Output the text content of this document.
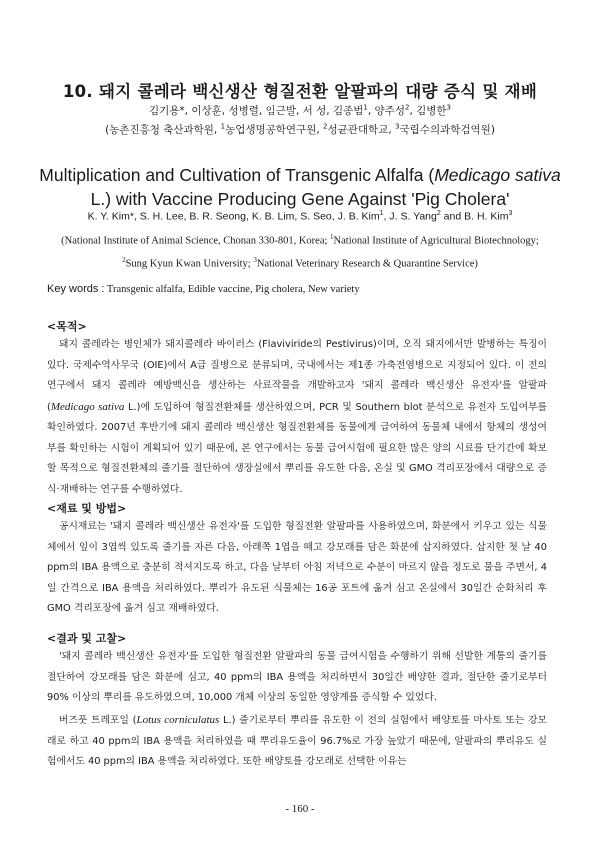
10. 돼지 콜레라 백신생산 형질전환 알팔파의 대량 증식 및 재배
김기용*, 이상훈, 성병렬, 임근발, 서 성, 김종범$^1$, 양주성$^2$, 김병한$^3$
(농촌진흥청 축산과학원, $^1$농업생명공학연구원, $^2$성균관대학교, $^3$국립수의과학검역원)
Multiplication and Cultivation of Transgenic Alfalfa (Medicago sativa
L.) with Vaccine Producing Gene Against 'Pig Cholera'
K. Y. Kim*, S. H. Lee, B. R. Seong, K. B. Lim, S. Seo, J. B. Kim$^1$, J. S. Yang$^2$ and B. H. Kim$^3$
(National Institute of Animal Science, Chonan 330-801, Korea; $^1$National Institute of Agricultural Biotechnology; $^2$Sung Kyun Kwan University; $^3$National Veterinary Research & Quarantine Service)
Key words : Transgenic alfalfa, Edible vaccine, Pig cholera, New variety
<목적>

돼지 콜레라는 병인체가 돼지콜레라 바이러스 (Flaviviride의 Pestivirus)이며, 오직 돼지에서만 발병하는 특징이 있다. 국제수역사무국 (OIE)에서 A급 질병으로 분류되며, 국내에서는 제1종 가축전염병으로 지정되어 있다. 이 전의 연구에서 돼지 콜레라 예방백신을 생산하는 사료작물을 개발하고자 '돼지 콜레라 백신생산 유전자'를 알팔파 (Medicago sativa L.)에 도입하여 형질전환체를 생산하였으며, PCR 및 Southern blot 분석으로 유전자 도입여부를 확인하였다. 2007년 후반기에 돼지 콜레라 백신생산 형질전환체를 동물에게 급여하여 동물체 내에서 항체의 생성여부를 확인하는 시험이 계획되어 있기 때문에, 본 연구에서는 동물 급여시험에 필요한 많은 양의 시료를 단기간에 확보할 목적으로 형질전환체의 줄기를 절단하여 생장실에서 뿌리를 유도한 다음, 온실 및 GMO 격리포장에서 대량으로 증식·재배하는 연구를 수행하였다.

<재료 및 방법>

공시재료는 '돼지 콜레라 백신생산 유전자'를 도입한 형질전환 알팔파를 사용하였으며, 화분에서 키우고 있는 식물체에서 잎이 3엽씩 있도록 줄기를 자른 다음, 아래쪽 1엽을 떼고 강모래를 담은 화분에 삽지하였다. 삽지한 첫 날 40 ppm의 IBA 용액으로 충분히 적셔지도록 하고, 다음 날부터 아침 저녁으로 수분이 마르지 않을 정도로 물을 주면서, 4일 간격으로 IBA 용액을 처리하였다. 뿌리가 유도된 식물체는 16공 포트에 옮겨 심고 온실에서 30일간 순화처리 후 GMO 격리포장에 옮겨 심고 재배하였다.

<결과 및 고찰>

'돼지 콜레라 백신생산 유전자'를 도입한 형질전환 알팔파의 동물 급여시험을 수행하기 위해 선발한 계통의 줄기를 절단하여 강모래를 담은 화분에 심고, 40 ppm의 IBA 용액을 처리하면서 30일간 배양한 결과, 절단한 줄기로부터 90% 이상의 뿌리를 유도하였으며, 10,000 개체 이상의 동일한 영양계를 증식할 수 있었다.

버즈풋 트레포일 (Lotus corniculatus L.) 줄기로부터 뿌리를 유도한 이 전의 실험에서 배양토를 마사토 또는 강모래로 하고 40 ppm의 IBA 용액을 처리하였을 때 뿌리유도율이 96.7%로 가장 높았기 때문에, 알팔파의 뿌리유도 실험에서도 40 ppm의 IBA 용액을 처리하였다. 또한 배양토를 강모래로 선택한 이유는

- 160 -
